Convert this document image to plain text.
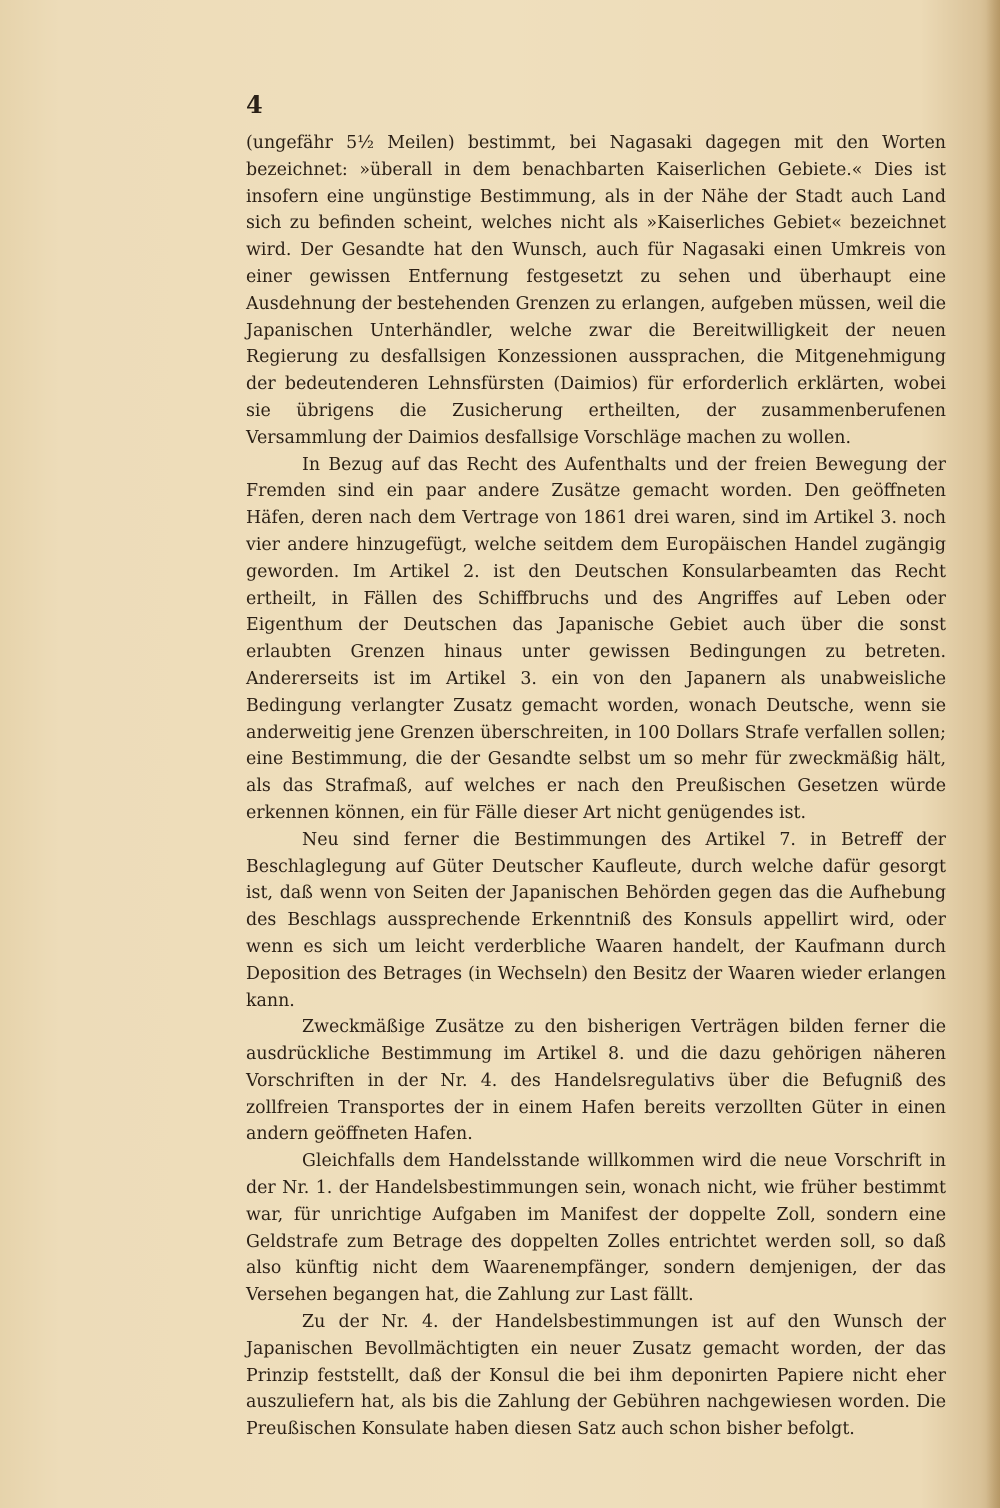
4

(ungefähr 5½ Meilen) bestimmt, bei Nagasaki dagegen mit den Worten bezeichnet: »überall in dem benachbarten Kaiserlichen Gebiete.« Dies ist insofern eine ungünstige Bestimmung, als in der Nähe der Stadt auch Land sich zu befinden scheint, welches nicht als »Kaiserliches Gebiet« bezeichnet wird. Der Gesandte hat den Wunsch, auch für Nagasaki einen Umkreis von einer gewissen Entfernung festgesetzt zu sehen und überhaupt eine Ausdehnung der bestehenden Grenzen zu erlangen, aufgeben müssen, weil die Japanischen Unterhändler, welche zwar die Bereitwilligkeit der neuen Regierung zu desfallsigen Konzessionen aussprachen, die Mitgenehmigung der bedeutenderen Lehnsfürsten (Daimios) für erforderlich erklärten, wobei sie übrigens die Zusicherung ertheilten, der zusammenberufenen Versammlung der Daimios desfallsige Vorschläge machen zu wollen.

In Bezug auf das Recht des Aufenthalts und der freien Bewegung der Fremden sind ein paar andere Zusätze gemacht worden. Den geöffneten Häfen, deren nach dem Vertrage von 1861 drei waren, sind im Artikel 3. noch vier andere hinzugefügt, welche seitdem dem Europäischen Handel zugängig geworden. Im Artikel 2. ist den Deutschen Konsularbeamten das Recht ertheilt, in Fällen des Schiffbruchs und des Angriffes auf Leben oder Eigenthum der Deutschen das Japanische Gebiet auch über die sonst erlaubten Grenzen hinaus unter gewissen Bedingungen zu betreten. Andererseits ist im Artikel 3. ein von den Japanern als unabweisliche Bedingung verlangter Zusatz gemacht worden, wonach Deutsche, wenn sie anderweitig jene Grenzen überschreiten, in 100 Dollars Strafe verfallen sollen; eine Bestimmung, die der Gesandte selbst um so mehr für zweckmäßig hält, als das Strafmaß, auf welches er nach den Preußischen Gesetzen würde erkennen können, ein für Fälle dieser Art nicht genügendes ist.

Neu sind ferner die Bestimmungen des Artikel 7. in Betreff der Beschlaglegung auf Güter Deutscher Kaufleute, durch welche dafür gesorgt ist, daß wenn von Seiten der Japanischen Behörden gegen das die Aufhebung des Beschlags aussprechende Erkenntniß des Konsuls appellirt wird, oder wenn es sich um leicht verderbliche Waaren handelt, der Kaufmann durch Deposition des Betrages (in Wechseln) den Besitz der Waaren wieder erlangen kann.

Zweckmäßige Zusätze zu den bisherigen Verträgen bilden ferner die ausdrückliche Bestimmung im Artikel 8. und die dazu gehörigen näheren Vorschriften in der Nr. 4. des Handelsregulativs über die Befugniß des zollfreien Transportes der in einem Hafen bereits verzollten Güter in einen andern geöffneten Hafen.

Gleichfalls dem Handelsstande willkommen wird die neue Vorschrift in der Nr. 1. der Handelsbestimmungen sein, wonach nicht, wie früher bestimmt war, für unrichtige Aufgaben im Manifest der doppelte Zoll, sondern eine Geldstrafe zum Betrage des doppelten Zolles entrichtet werden soll, so daß also künftig nicht dem Waarenempfänger, sondern demjenigen, der das Versehen begangen hat, die Zahlung zur Last fällt.

Zu der Nr. 4. der Handelsbestimmungen ist auf den Wunsch der Japanischen Bevollmächtigten ein neuer Zusatz gemacht worden, der das Prinzip feststellt, daß der Konsul die bei ihm deponirten Papiere nicht eher auszuliefern hat, als bis die Zahlung der Gebühren nachgewiesen worden. Die Preußischen Konsulate haben diesen Satz auch schon bisher befolgt.
